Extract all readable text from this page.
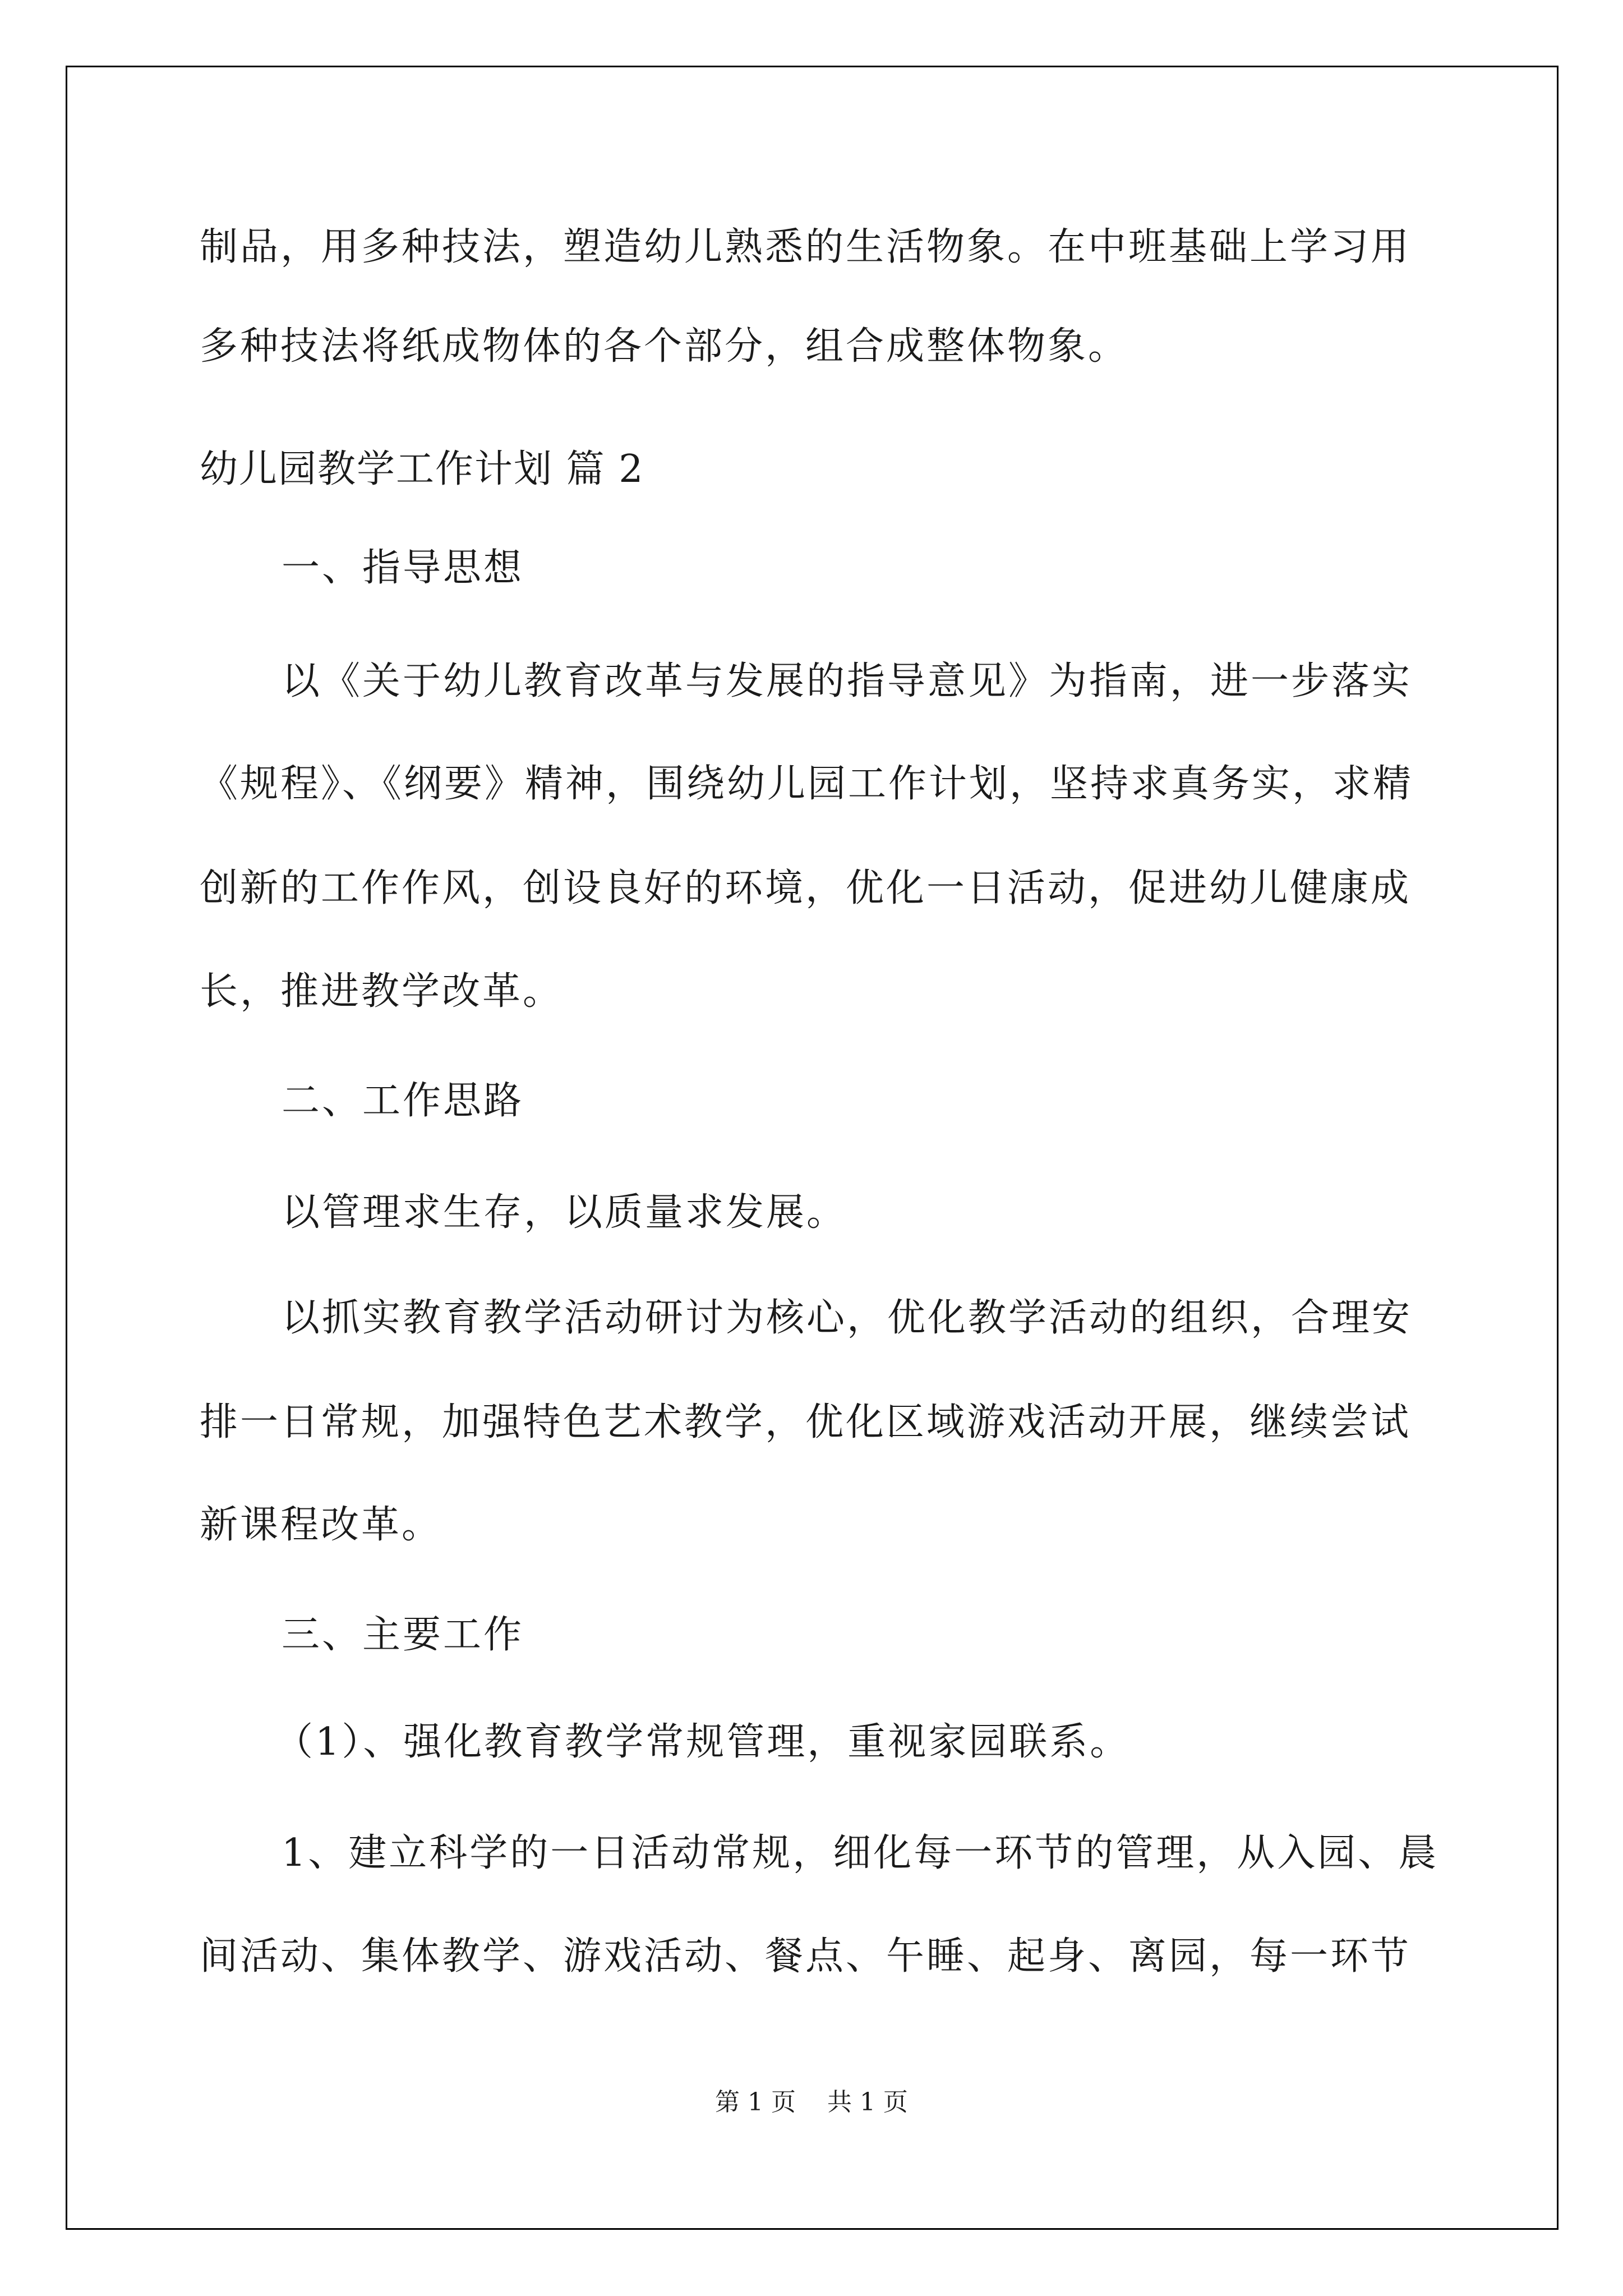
制品，用多种技法，塑造幼儿熟悉的生活物象。在中班基础上学习用
多种技法将纸成物体的各个部分，组合成整体物象。
幼儿园教学工作计划 篇 2
一、指导思想
以《关于幼儿教育改革与发展的指导意见》为指南，进一步落实
《规程》、《纲要》精神，围绕幼儿园工作计划，坚持求真务实，求精
创新的工作作风，创设良好的环境，优化一日活动，促进幼儿健康成
长，推进教学改革。
二、工作思路
以管理求生存，以质量求发展。
以抓实教育教学活动研讨为核心，优化教学活动的组织，合理安
排一日常规，加强特色艺术教学，优化区域游戏活动开展，继续尝试
新课程改革。
三、主要工作
（1）、强化教育教学常规管理，重视家园联系。
1、建立科学的一日活动常规，细化每一环节的管理，从入园、晨
间活动、集体教学、游戏活动、餐点、午睡、起身、离园，每一环节
第 1 页    共 1 页
